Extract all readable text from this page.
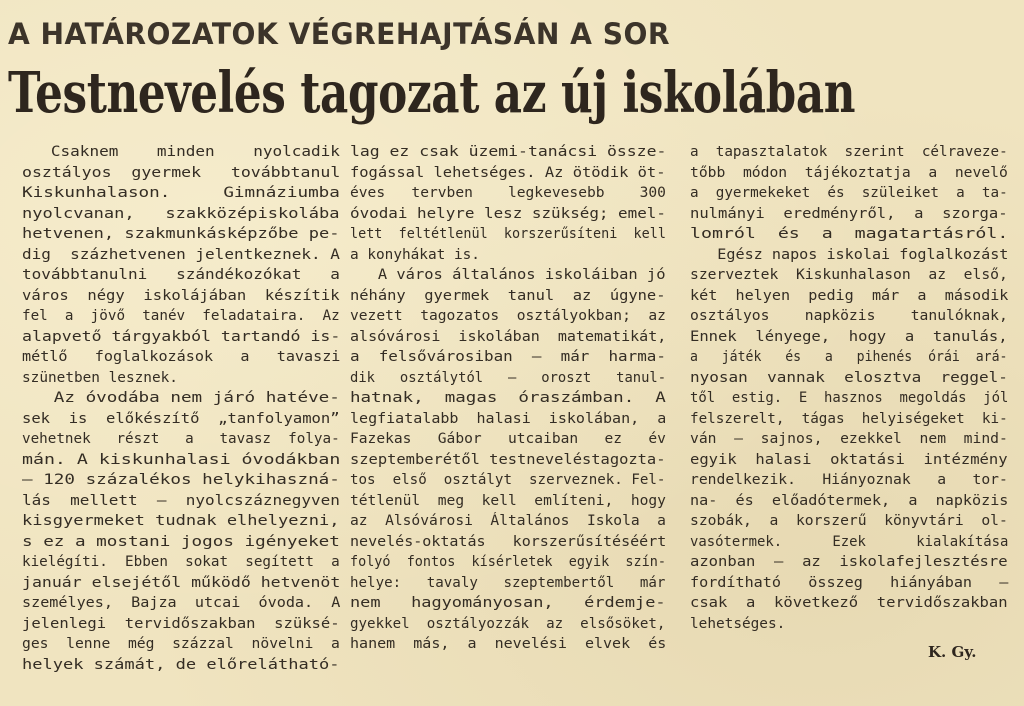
A HATÁROZATOK VÉGREHAJTÁSÁN A SOR
Testnevelés tagozat az új iskolában
Csaknem    minden    nyolcadik
osztályos  gyermek   továbbtanul
Kiskunhalason.     Gimnáziumba
nyolcvanan,   szakközépiskolába
hetvenen, szakmunkásképzőbe pe-
dig  százhetvenen jelentkeznek. A
továbbtanulni   szándékozókat   a
város  négy  iskolájában  készítik
fel  a  jövő  tanév  feladataira.  Az
alapvető tárgyakból tartandó is-
métlő   foglalkozások   a   tavaszi
szünetben lesznek.
Az óvodába nem járó hatéve-
sek  is  előkészítő  „tanfolyamon”
vehetnek   részt   a   tavasz  folya-
mán. A kiskunhalasi óvodákban
— 120 százalékos helykihaszná-
lás  mellett  —  nyolcszáznegyven
kisgyermeket tudnak elhelyezni,
s ez a mostani jogos igényeket
kielégíti.  Ebben  sokat  segített  a
január elsejétől működő hetvenöt
személyes,  Bajza  utcai  óvoda.  A
jelenlegi  tervidőszakban  szüksé-
ges  lenne  még  százzal  növelni  a
helyek számát, de előrelátható-
lag ez csak üzemi-tanácsi össze-
fogással lehetséges. Az ötödik öt-
éves   tervben    legkevesebb    300
óvodai helyre lesz szükség; emel-
lett  feltétlenül  korszerűsíteni  kell
a konyhákat is.
A város általános iskoláiban jó
néhány  gyermek  tanul  az  úgyne-
vezett  tagozatos  osztályokban;  az
alsóvárosi  iskolában  matematikát,
a  felsővárosiban  —  már  harma-
dik   osztálytól   —   oroszt   tanul-
hatnak,  magas  óraszámban.  A
legfiatalabb  halasi  iskolában,  a
Fazekas   Gábor   utcaiban   ez   év
szeptemberétől testneveléstagozta-
tos  első  osztályt  szerveznek. Fel-
tétlenül  meg  kell  említeni,  hogy
az  Alsóvárosi  Általános  Iskola  a
nevelés-oktatás   korszerűsítéséért
folyó  fontos  kísérletek  egyik  szín-
helye:   tavaly   szeptembertől   már
nem   hagyományosan,   érdemje-
gyekkel  osztályozzák  az  elsősöket,
hanem  más,  a  nevelési  elvek  és
a  tapasztalatok  szerint  célraveze-
tőbb  módon  tájékoztatja  a  nevelő
a  gyermekeket  és  szüleiket  a  ta-
nulmányi  eredményről,  a  szorga-
lomról  és  a  magatartásról.
Egész napos iskolai foglalkozást
szerveztek  Kiskunhalason  az  első,
két  helyen  pedig  már  a  második
osztályos    napközis    tanulóknak,
Ennek  lényege,  hogy  a  tanulás,
a   játék   és   a   pihenés  órái  ará-
nyosan  vannak  elosztva  reggel-
től  estig.  E  hasznos  megoldás  jól
felszerelt,  tágas  helyiségeket  ki-
ván  —  sajnos,  ezekkel  nem  mind-
egyik  halasi  oktatási  intézmény
rendelkezik.   Hiányoznak   a   tor-
na-  és  előadótermek,  a  napközis
szobák,  a  korszerű  könyvtári  ol-
vasótermek.      Ezek      kialakítása
azonban  —  az  iskolafejlesztésre
fordítható   összeg   hiányában   —
csak  a  következő  tervidőszakban
lehetséges.
K. Gy.
